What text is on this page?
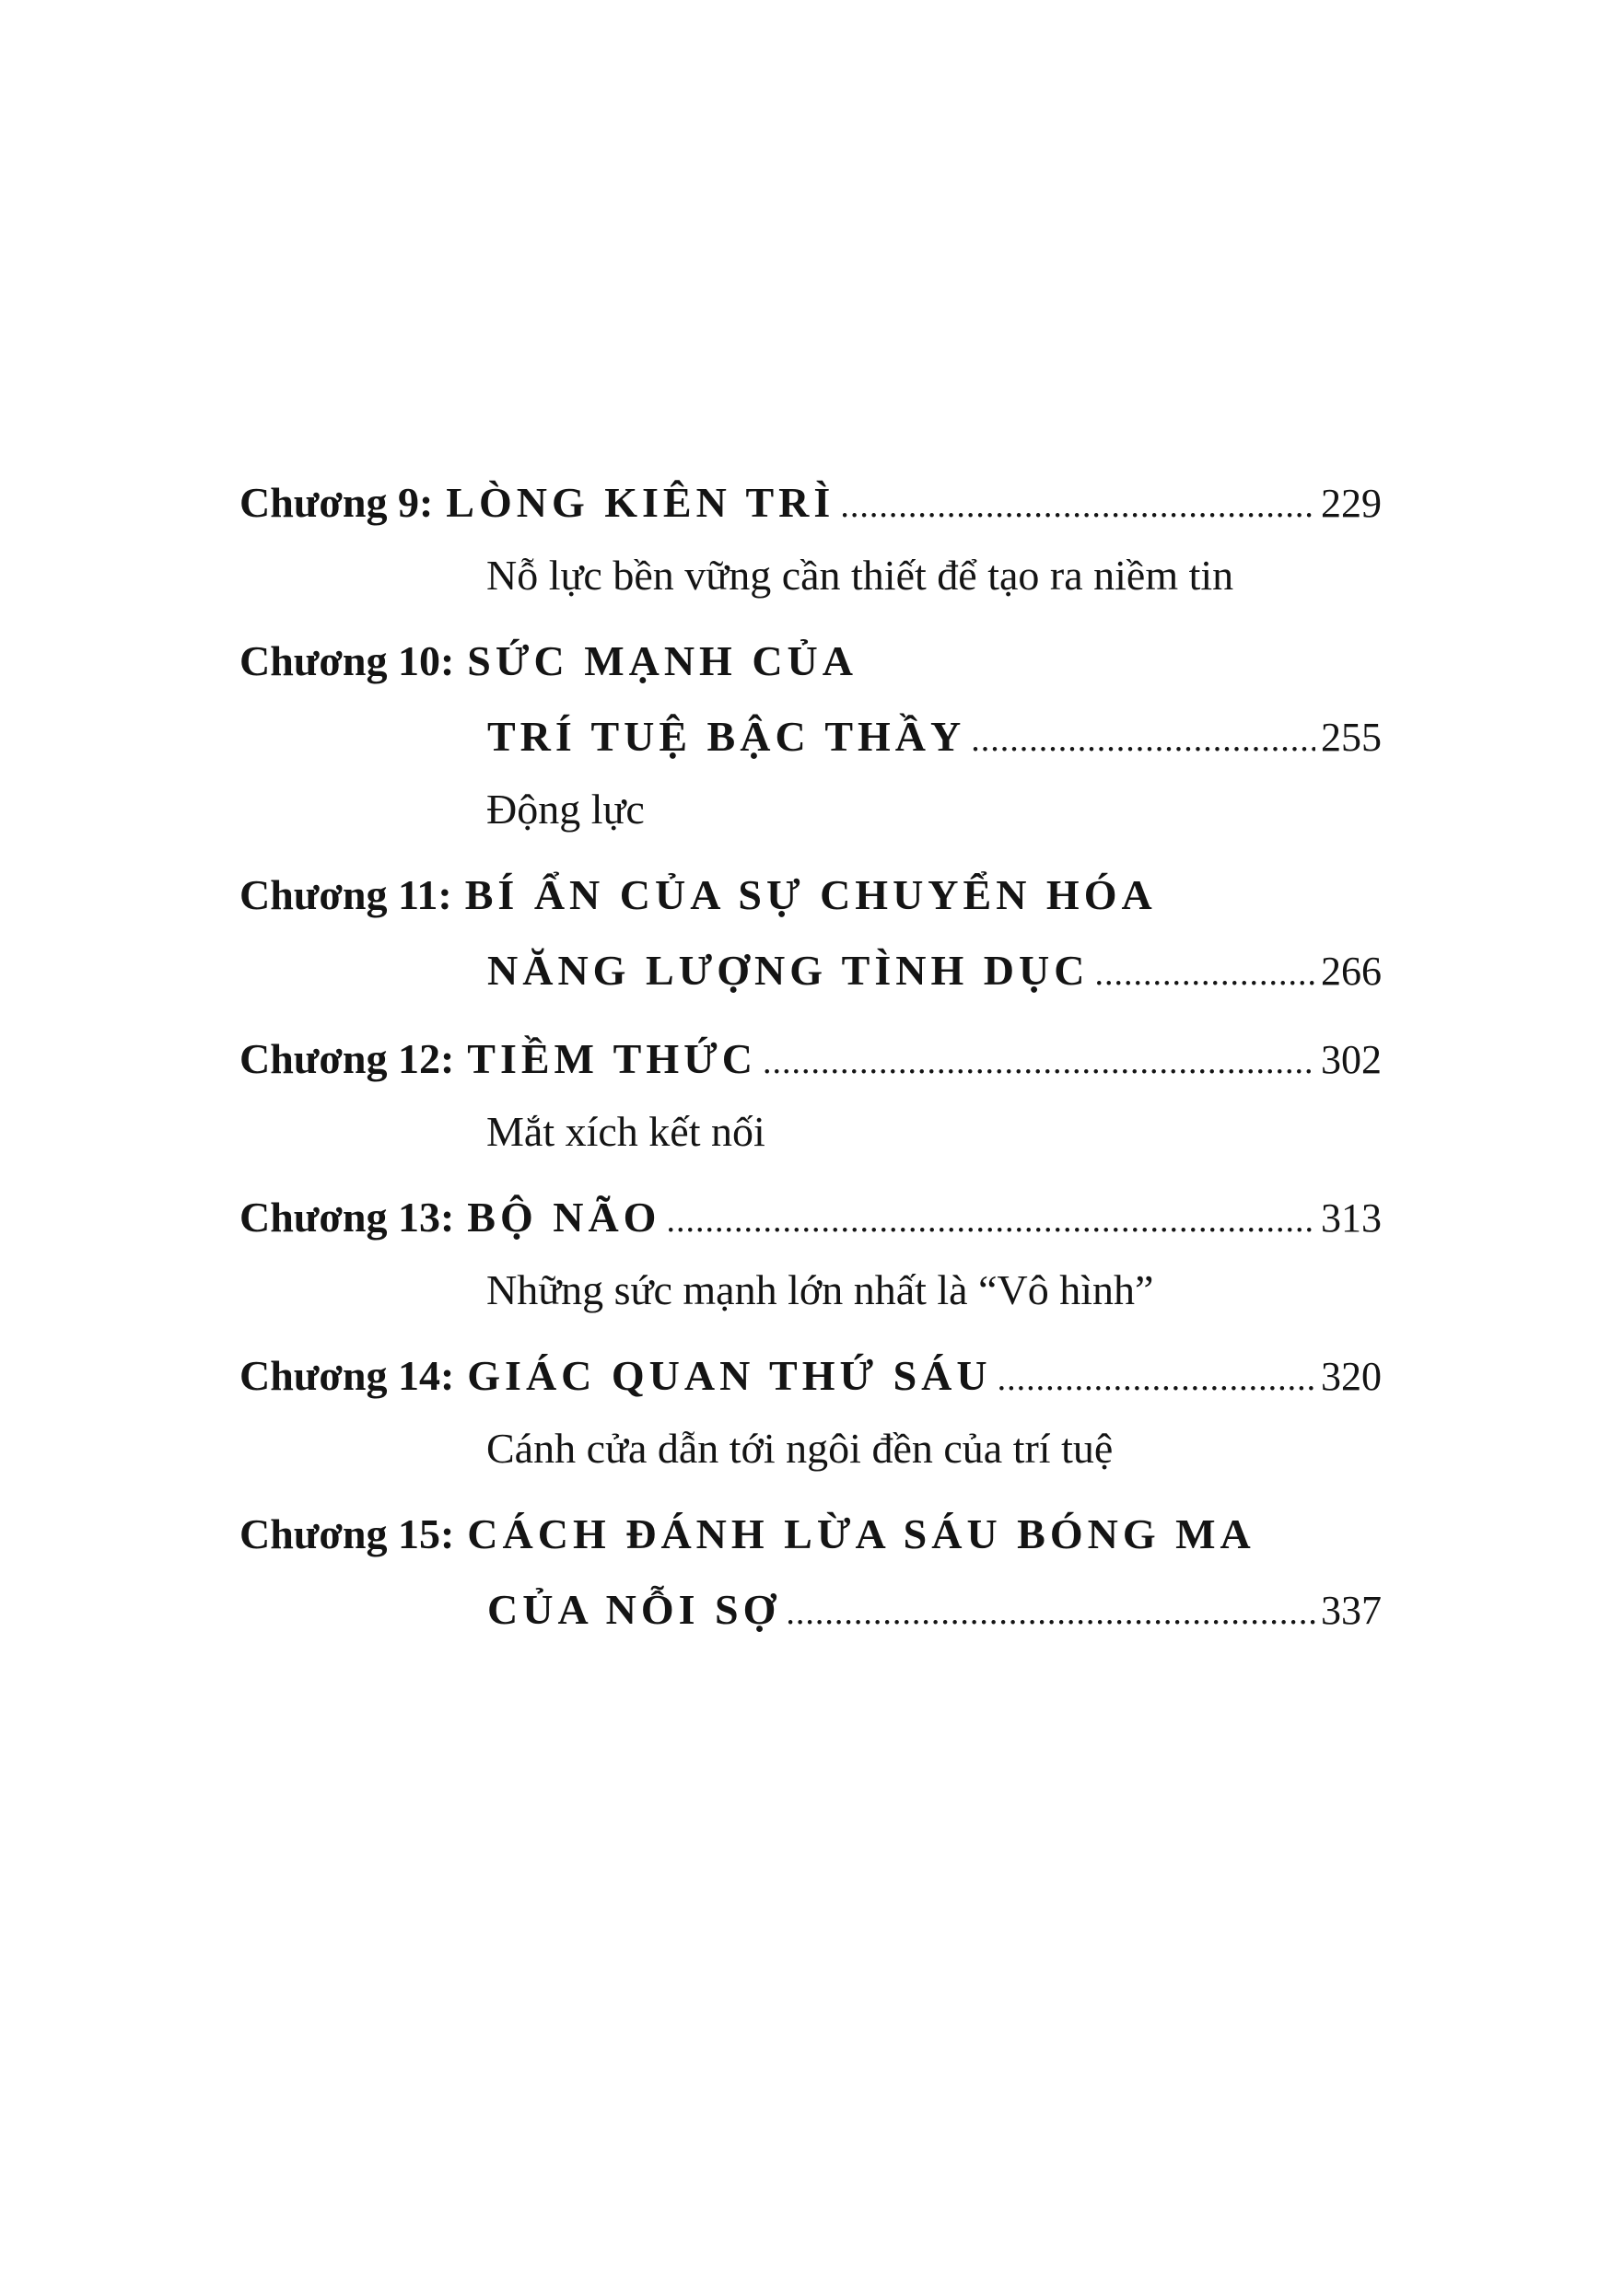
Chương 9: LÒNG KIÊN TRÌ .....	229
Nỗ lực bền vững cần thiết để tạo ra niềm tin
Chương 10: SỨC MẠNH CỦA
TRÍ TUỆ BẬC THẦY .....	255
Động lực
Chương 11: BÍ ẨN CỦA SỰ CHUYỂN HÓA
NĂNG LƯỢNG TÌNH DỤC .....	266
Chương 12: TIỀM THỨC .....	302
Mắt xích kết nối
Chương 13: BỘ NÃO .....	313
Những sức mạnh lớn nhất là “Vô hình”
Chương 14: GIÁC QUAN THỨ SÁU .....	320
Cánh cửa dẫn tới ngôi đền của trí tuệ
Chương 15: CÁCH ĐÁNH LỪA SÁU BÓNG MA
CỦA NỖI SỢ .....	337
